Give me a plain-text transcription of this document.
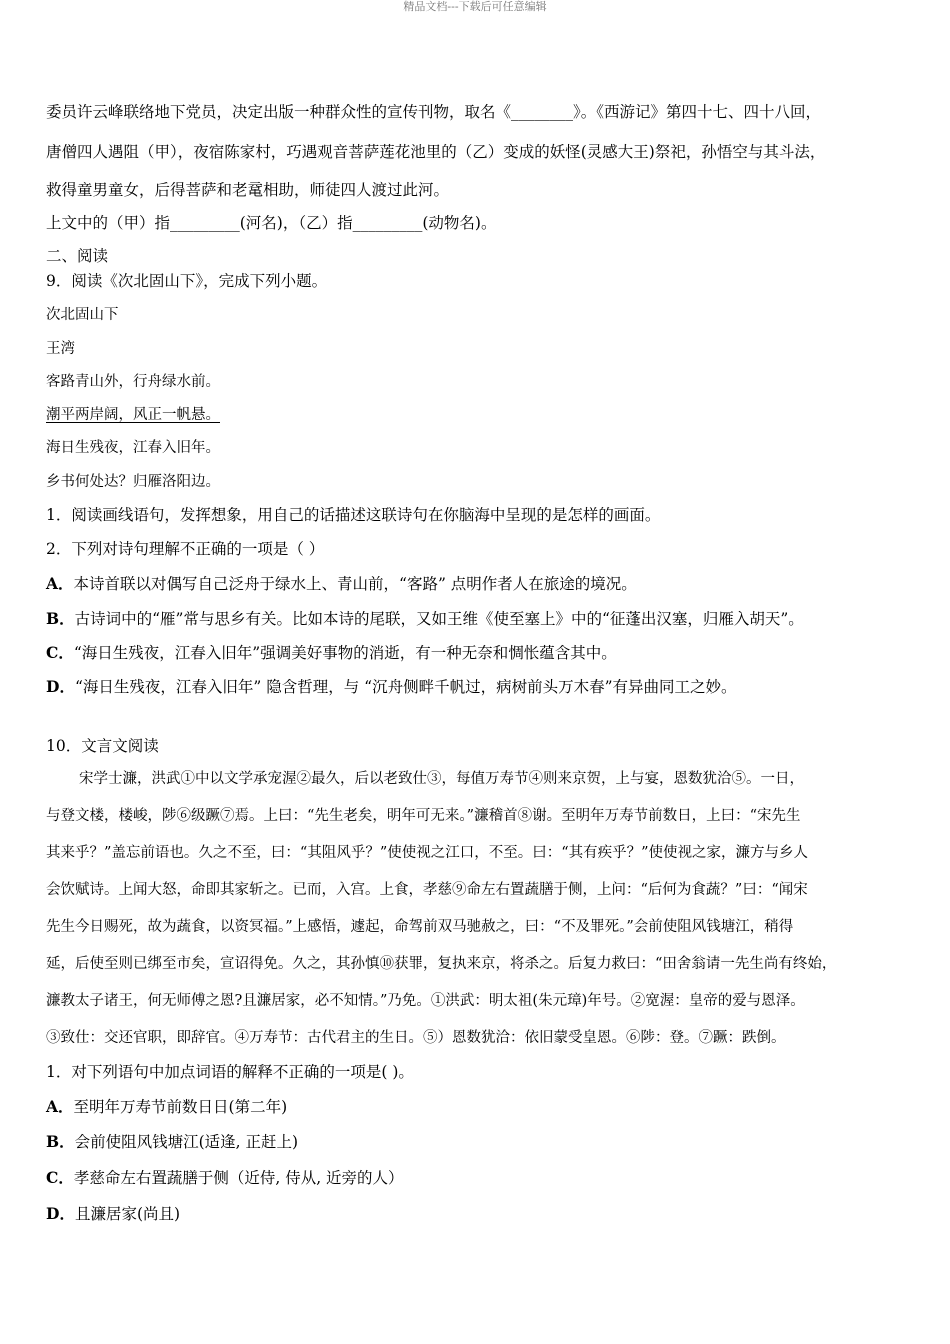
精品文档---下载后可任意编辑
委员许云峰联络地下党员，决定出版一种群众性的宣传刊物，取名《________》。《西游记》第四十七、四十八回，
唐僧四人遇阻（甲），夜宿陈家村，巧遇观音菩萨莲花池里的（乙）变成的妖怪(灵感大王)祭祀，孙悟空与其斗法，
救得童男童女，后得菩萨和老鼋相助，师徒四人渡过此河。
上文中的（甲）指_________(河名)，（乙）指_________(动物名)。
二、阅读
9．阅读《次北固山下》，完成下列小题。
次北固山下
王湾
客路青山外，行舟绿水前。
潮平两岸阔，风正一帆悬。
海日生残夜，江春入旧年。
乡书何处达？归雁洛阳边。
1．阅读画线语句，发挥想象，用自己的话描述这联诗句在你脑海中呈现的是怎样的画面。
2．下列对诗句理解不正确的一项是（ ）
A．本诗首联以对偶写自己泛舟于绿水上、青山前，“客路” 点明作者人在旅途的境况。
B．古诗词中的“雁”常与思乡有关。比如本诗的尾联，又如王维《使至塞上》中的“征蓬出汉塞，归雁入胡天”。
C．“海日生残夜，江春入旧年”强调美好事物的消逝，有一种无奈和惆怅蕴含其中。
D．“海日生残夜，江春入旧年” 隐含哲理，与 “沉舟侧畔千帆过，病树前头万木春”有异曲同工之妙。
10．文言文阅读
宋学士濂，洪武①中以文学承宠渥②最久，后以老致仕③，每值万寿节④则来京贺，上与宴，恩数犹洽⑤。一日，
与登文楼，楼峻，陟⑥级蹶⑦焉。上曰：“先生老矣，明年可无来。”濂稽首⑧谢。至明年万寿节前数日，上曰：“宋先生
其来乎？”盖忘前语也。久之不至，曰：“其阻风乎？”使使视之江口，不至。曰：“其有疾乎？”使使视之家，濂方与乡人
会饮赋诗。上闻大怒，命即其家斩之。已而，入宫。上食，孝慈⑨命左右置蔬膳于侧，上问：“后何为食蔬？”曰：“闻宋
先生今日赐死，故为蔬食，以资冥福。”上感悟，遽起，命驾前双马驰赦之，曰：“不及罪死。”会前使阻风钱塘江，稍得
延，后使至则已绑至市矣，宣诏得免。久之，其孙慎⑩获罪，复执来京，将杀之。后复力救曰：“田舍翁请一先生尚有终始，
濂教太子诸王，何无师傅之恩?且濂居家，必不知情。”乃免。①洪武：明太祖(朱元璋)年号。②宽渥：皇帝的爱与恩泽。
③致仕：交还官职，即辞官。④万寿节：古代君主的生日。⑤）恩数犹洽：依旧蒙受皇恩。⑥陟：登。⑦蹶：跌倒。
1．对下列语句中加点词语的解释不正确的一项是( )。
A．至明年万寿节前数日日(第二年)
B．会前使阻风钱塘江(适逢, 正赶上)
C．孝慈命左右置蔬膳于侧（近侍, 侍从, 近旁的人）
D．且濂居家(尚且)
